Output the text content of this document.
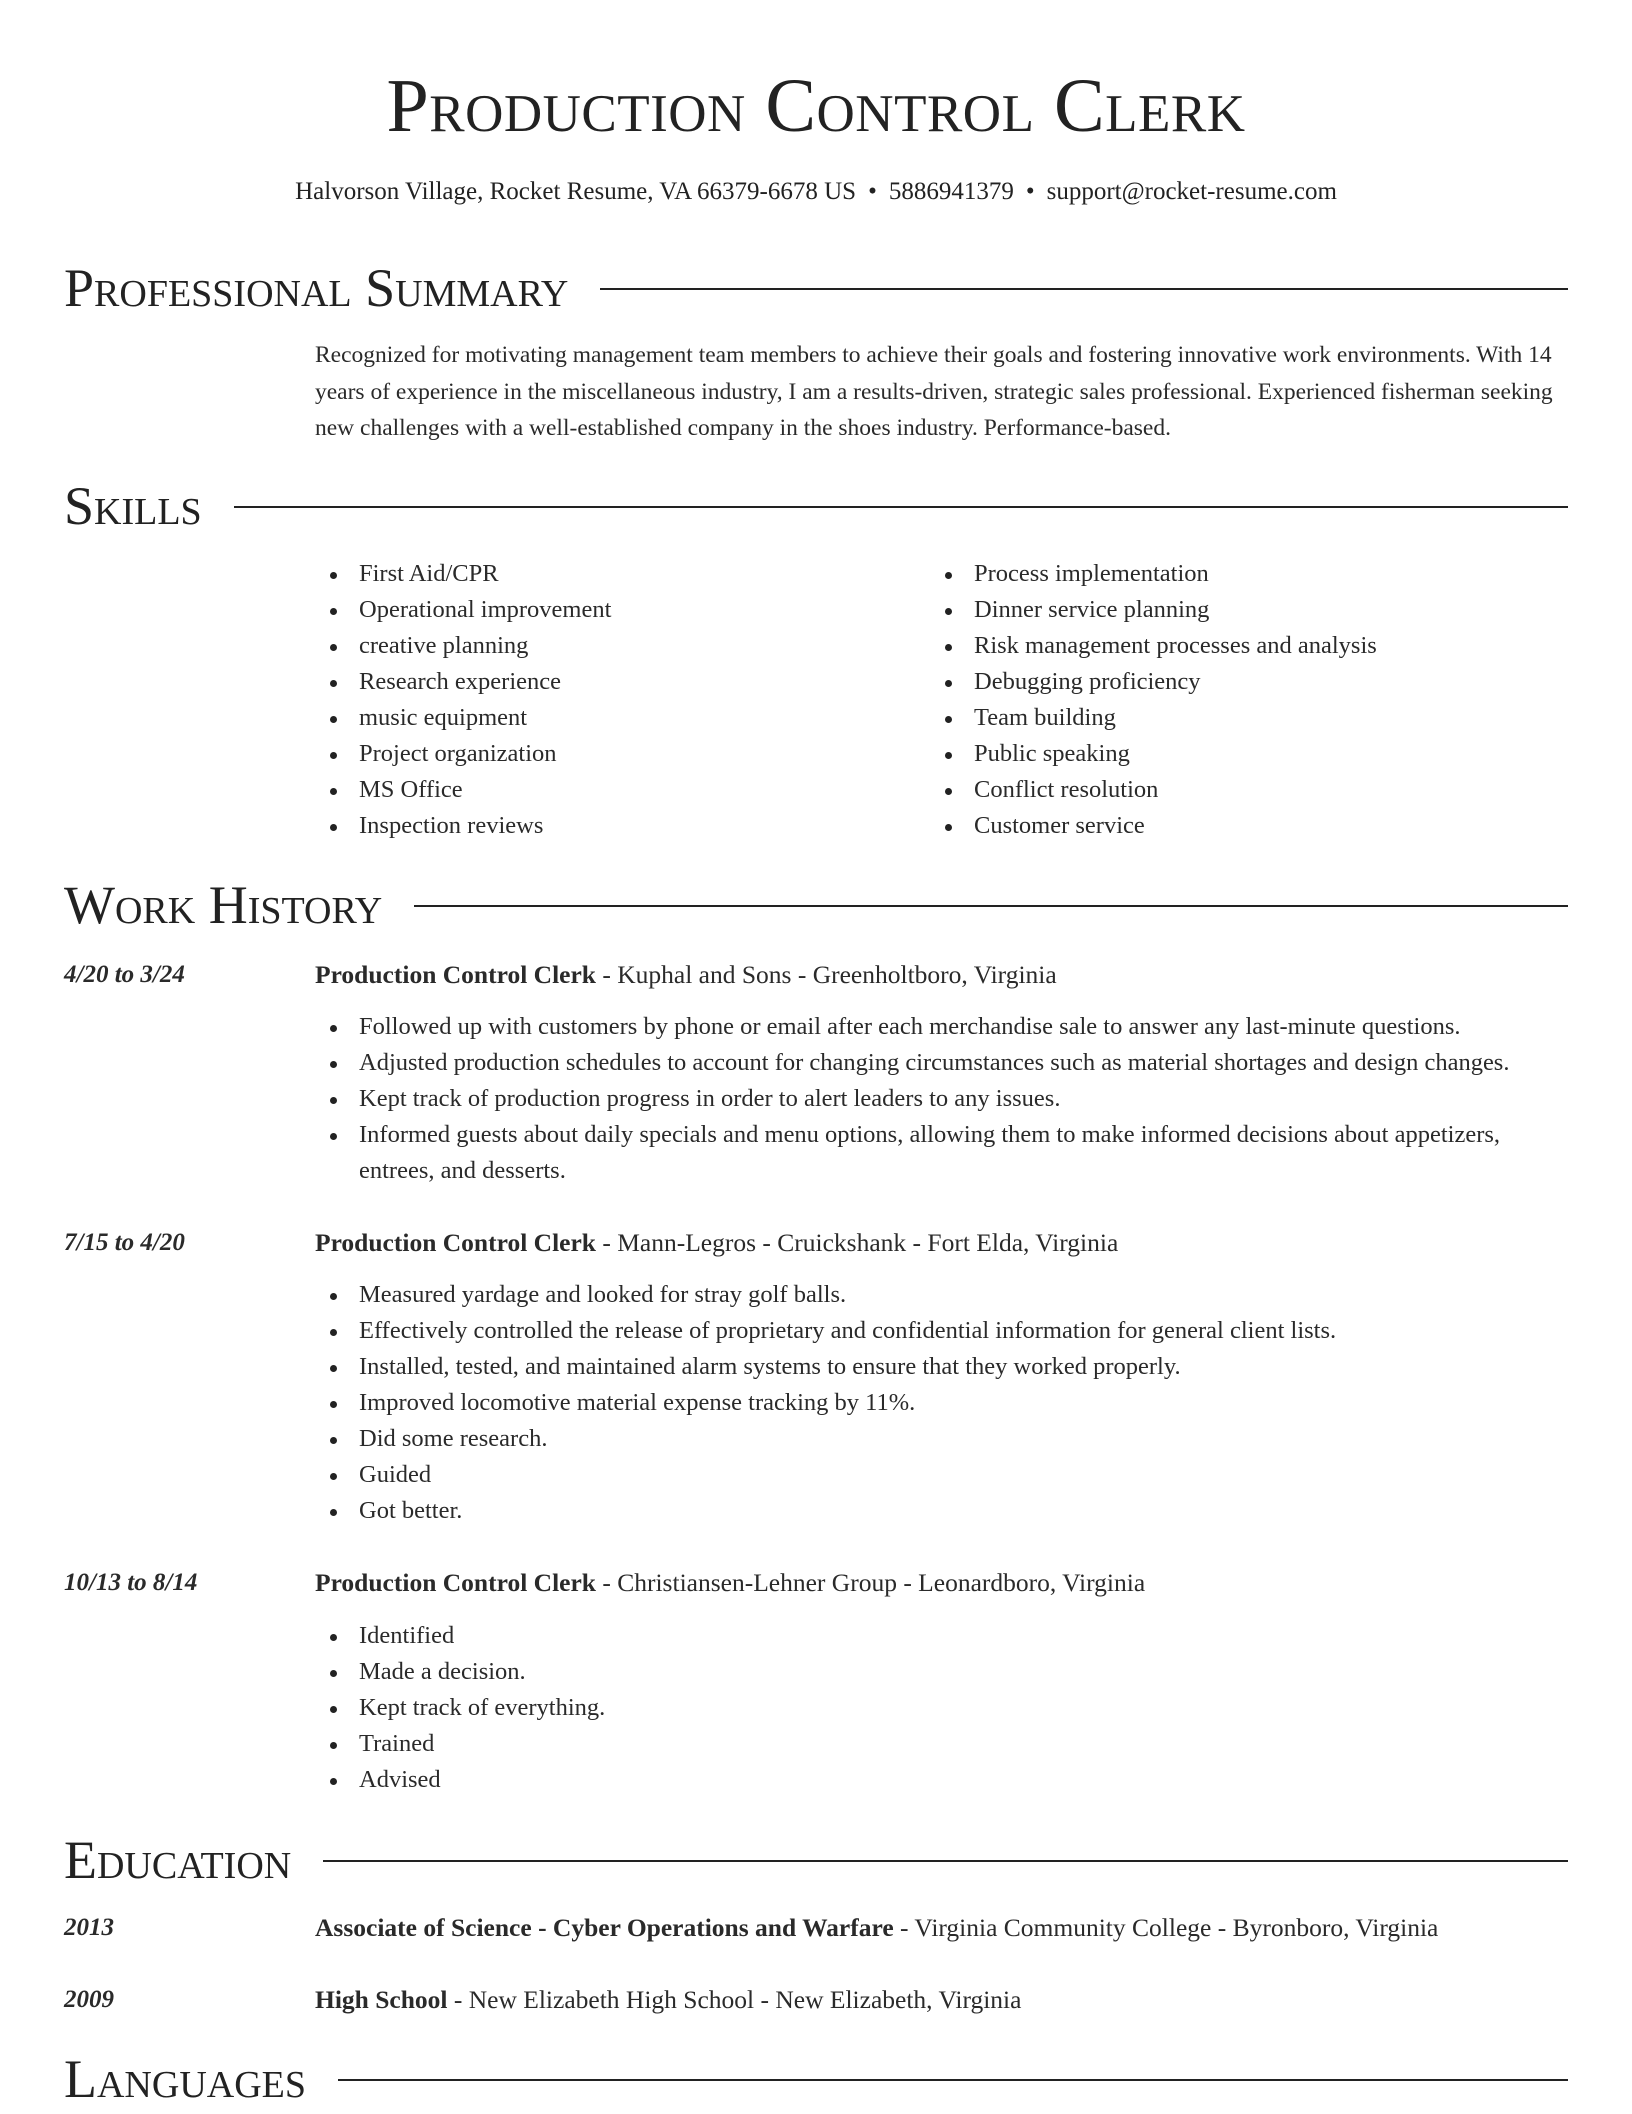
Production Control Clerk
Halvorson Village, Rocket Resume, VA 66379-6678 US • 5886941379 • support@rocket-resume.com
Professional Summary
Recognized for motivating management team members to achieve their goals and fostering innovative work environments. With 14 years of experience in the miscellaneous industry, I am a results-driven, strategic sales professional. Experienced fisherman seeking new challenges with a well-established company in the shoes industry. Performance-based.
Skills
First Aid/CPR
Operational improvement
creative planning
Research experience
music equipment
Project organization
MS Office
Inspection reviews
Process implementation
Dinner service planning
Risk management processes and analysis
Debugging proficiency
Team building
Public speaking
Conflict resolution
Customer service
Work History
4/20 to 3/24	Production Control Clerk - Kuphal and Sons - Greenholtboro, Virginia
Followed up with customers by phone or email after each merchandise sale to answer any last-minute questions.
Adjusted production schedules to account for changing circumstances such as material shortages and design changes.
Kept track of production progress in order to alert leaders to any issues.
Informed guests about daily specials and menu options, allowing them to make informed decisions about appetizers, entrees, and desserts.
7/15 to 4/20	Production Control Clerk - Mann-Legros - Cruickshank - Fort Elda, Virginia
Measured yardage and looked for stray golf balls.
Effectively controlled the release of proprietary and confidential information for general client lists.
Installed, tested, and maintained alarm systems to ensure that they worked properly.
Improved locomotive material expense tracking by 11%.
Did some research.
Guided
Got better.
10/13 to 8/14	Production Control Clerk - Christiansen-Lehner Group - Leonardboro, Virginia
Identified
Made a decision.
Kept track of everything.
Trained
Advised
Education
2013	Associate of Science - Cyber Operations and Warfare - Virginia Community College - Byronboro, Virginia
2009	High School - New Elizabeth High School - New Elizabeth, Virginia
Languages
